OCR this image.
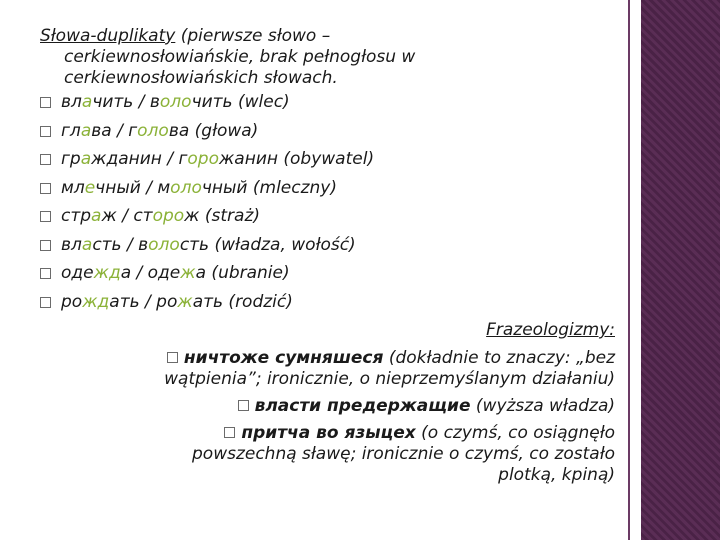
Słowa-duplikaty (pierwsze słowo –
cerkiewnosłowiańskie, brak pełnogłosu w
cerkiewnosłowiańskich słowach.
влачить / волочить (wlec)
глава / голова (głowa)
гражданин / горожанин (obywatel)
млечный / молочный (mleczny)
страж / сторож (straż)
власть / волость (władza, wołość)
одежда / одежа (ubranie)
рождать / рожать (rodzić)
Frazeologizmy:
ничтоже сумняшеся (dokładnie to znaczy: „bez
wątpienia”; ironicznie, o nieprzemyślanym działaniu)
власти предержащие (wyższa władza)
притча во языцех (o czymś, co osiągnęło
powszechną sławę; ironicznie o czymś, co zostało
plotką, kpiną)
